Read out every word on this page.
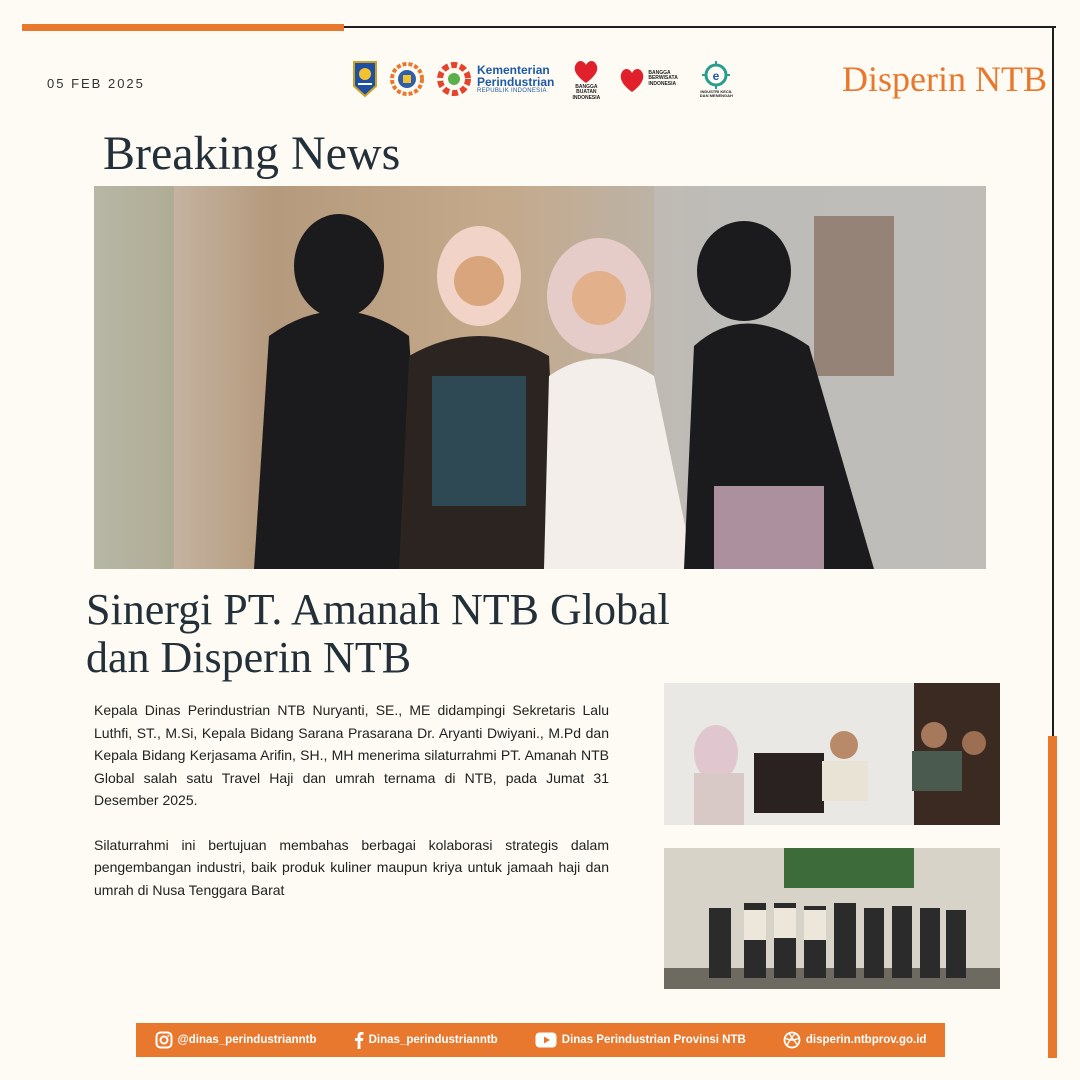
05 FEB 2025
Kementerian
Perindustrian
REPUBLIK INDONESIA
BANGGA BUATAN INDONESIA
BANGGA BERWISATA INDONESIA
e
INDUSTRI KECIL DAN MENENGAH	Disperin NTB
Breaking News
Sinergi PT. Amanah NTB Global
dan Disperin NTB

Kepala Dinas Perindustrian NTB Nuryanti, SE., ME didampingi Sekretaris Lalu Luthfi, ST., M.Si, Kepala Bidang Sarana Prasarana Dr. Aryanti Dwiyani., M.Pd dan Kepala Bidang Kerjasama Arifin, SH., MH menerima silaturrahmi PT. Amanah NTB Global salah satu Travel Haji dan umrah ternama di NTB, pada Jumat 31 Desember 2025.

Silaturrahmi ini bertujuan membahas berbagai kolaborasi strategis dalam pengembangan industri, baik produk kuliner maupun kriya untuk jamaah haji dan umrah di Nusa Tenggara Barat

@dinas_perindustrianntb	Dinas_perindustrianntb	Dinas Perindustrian Provinsi NTB	disperin.ntbprov.go.id
